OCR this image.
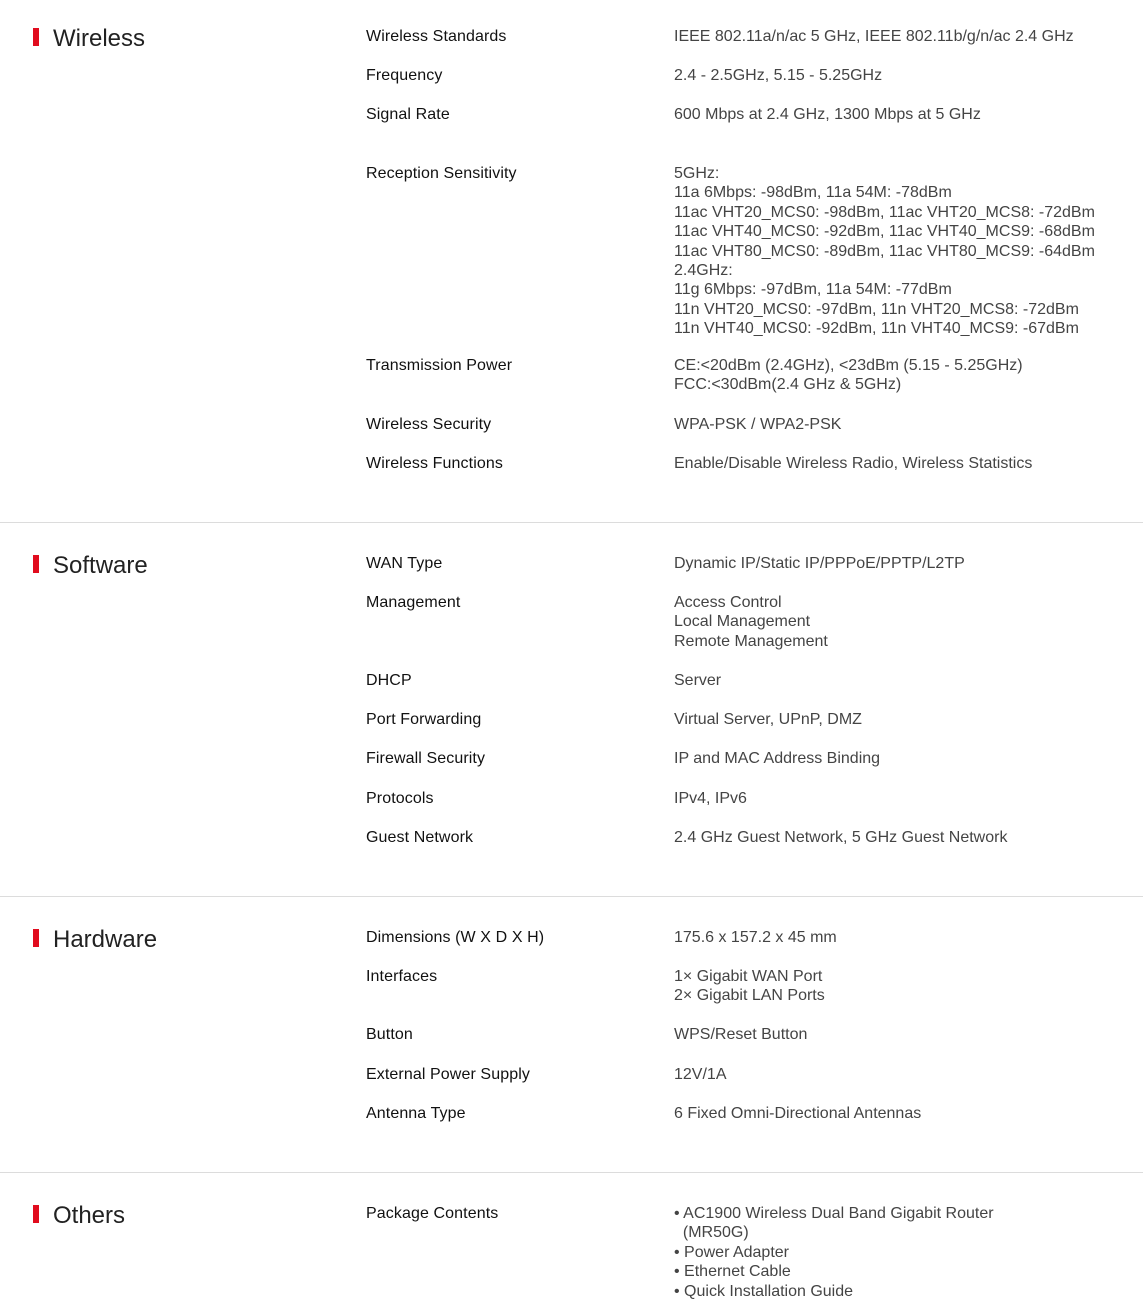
Wireless	Wireless Standards	IEEE 802.11a/n/ac 5 GHz, IEEE 802.11b/g/n/ac 2.4 GHz
Frequency	2.4 - 2.5GHz, 5.15 - 5.25GHz
Signal Rate	600 Mbps at 2.4 GHz, 1300 Mbps at 5 GHz
Reception Sensitivity	5GHz:
11a 6Mbps: -98dBm, 11a 54M: -78dBm
11ac VHT20_MCS0: -98dBm, 11ac VHT20_MCS8: -72dBm
11ac VHT40_MCS0: -92dBm, 11ac VHT40_MCS9: -68dBm
11ac VHT80_MCS0: -89dBm, 11ac VHT80_MCS9: -64dBm
2.4GHz:
11g 6Mbps: -97dBm, 11a 54M: -77dBm
11n VHT20_MCS0: -97dBm, 11n VHT20_MCS8: -72dBm
11n VHT40_MCS0: -92dBm, 11n VHT40_MCS9: -67dBm
Transmission Power	CE:<20dBm (2.4GHz), <23dBm (5.15 - 5.25GHz)
FCC:<30dBm(2.4 GHz & 5GHz)
Wireless Security	WPA-PSK / WPA2-PSK
Wireless Functions	Enable/Disable Wireless Radio, Wireless Statistics
Software	WAN Type	Dynamic IP/Static IP/PPPoE/PPTP/L2TP
Management	Access Control
Local Management
Remote Management
DHCP	Server
Port Forwarding	Virtual Server, UPnP, DMZ
Firewall Security	IP and MAC Address Binding
Protocols	IPv4, IPv6
Guest Network	2.4 GHz Guest Network, 5 GHz Guest Network
Hardware	Dimensions (W X D X H)	175.6 x 157.2 x 45 mm
Interfaces	1× Gigabit WAN Port
2× Gigabit LAN Ports
Button	WPS/Reset Button
External Power Supply	12V/1A
Antenna Type	6 Fixed Omni-Directional Antennas
Others	Package Contents	• AC1900 Wireless Dual Band Gigabit Router
(MR50G)
• Power Adapter
• Ethernet Cable
• Quick Installation Guide
